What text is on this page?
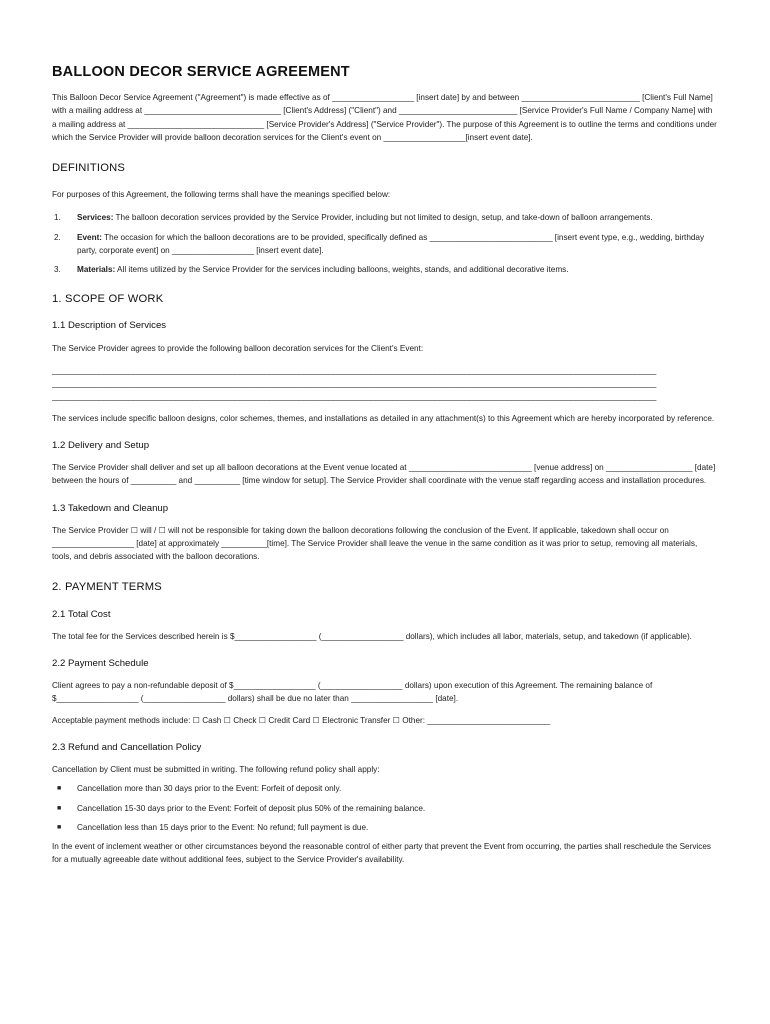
BALLOON DECOR SERVICE AGREEMENT

This Balloon Decor Service Agreement ("Agreement") is made effective as of __________________ [insert date] by and between __________________________ [Client's Full Name] with a mailing address at ______________________________ [Client's Address] ("Client") and __________________________ [Service Provider's Full Name / Company Name] with a mailing address at ______________________________ [Service Provider's Address] ("Service Provider"). The purpose of this Agreement is to outline the terms and conditions under which the Service Provider will provide balloon decoration services for the Client's event on __________________[insert event date].

DEFINITIONS

For purposes of this Agreement, the following terms shall have the meanings specified below:

1. Services: The balloon decoration services provided by the Service Provider, including but not limited to design, setup, and take-down of balloon arrangements.
2. Event: The occasion for which the balloon decorations are to be provided, specifically defined as ___________________________ [insert event type, e.g., wedding, birthday party, corporate event] on __________________ [insert event date].
3. Materials: All items utilized by the Service Provider for the services including balloons, weights, stands, and additional decorative items.
1. SCOPE OF WORK
1.1 Description of Services

The Service Provider agrees to provide the following balloon decoration services for the Client's Event:

______________________________________________________________________________________________________________________________________________
______________________________________________________________________________________________________________________________________________
______________________________________________________________________________________________________________________________________________

The services include specific balloon designs, color schemes, themes, and installations as detailed in any attachment(s) to this Agreement which are hereby incorporated by reference.

1.2 Delivery and Setup

The Service Provider shall deliver and set up all balloon decorations at the Event venue located at ___________________________ [venue address] on ___________________ [date] between the hours of __________ and __________ [time window for setup]. The Service Provider shall coordinate with the venue staff regarding access and installation procedures.

1.3 Takedown and Cleanup

The Service Provider ☐ will / ☐ will not be responsible for taking down the balloon decorations following the conclusion of the Event. If applicable, takedown shall occur on __________________ [date] at approximately __________[time]. The Service Provider shall leave the venue in the same condition as it was prior to setup, removing all materials, tools, and debris associated with the balloon decorations.

2. PAYMENT TERMS
2.1 Total Cost

The total fee for the Services described herein is $__________________ (__________________ dollars), which includes all labor, materials, setup, and takedown (if applicable).

2.2 Payment Schedule

Client agrees to pay a non-refundable deposit of $__________________ (__________________ dollars) upon execution of this Agreement. The remaining balance of $__________________ (__________________ dollars) shall be due no later than __________________ [date].

Acceptable payment methods include: ☐ Cash ☐ Check ☐ Credit Card ☐ Electronic Transfer ☐ Other: ___________________________

2.3 Refund and Cancellation Policy

Cancellation by Client must be submitted in writing. The following refund policy shall apply:

■ Cancellation more than 30 days prior to the Event: Forfeit of deposit only.
■ Cancellation 15-30 days prior to the Event: Forfeit of deposit plus 50% of the remaining balance.
■ Cancellation less than 15 days prior to the Event: No refund; full payment is due.

In the event of inclement weather or other circumstances beyond the reasonable control of either party that prevent the Event from occurring, the parties shall reschedule the Services for a mutually agreeable date without additional fees, subject to the Service Provider's availability.
